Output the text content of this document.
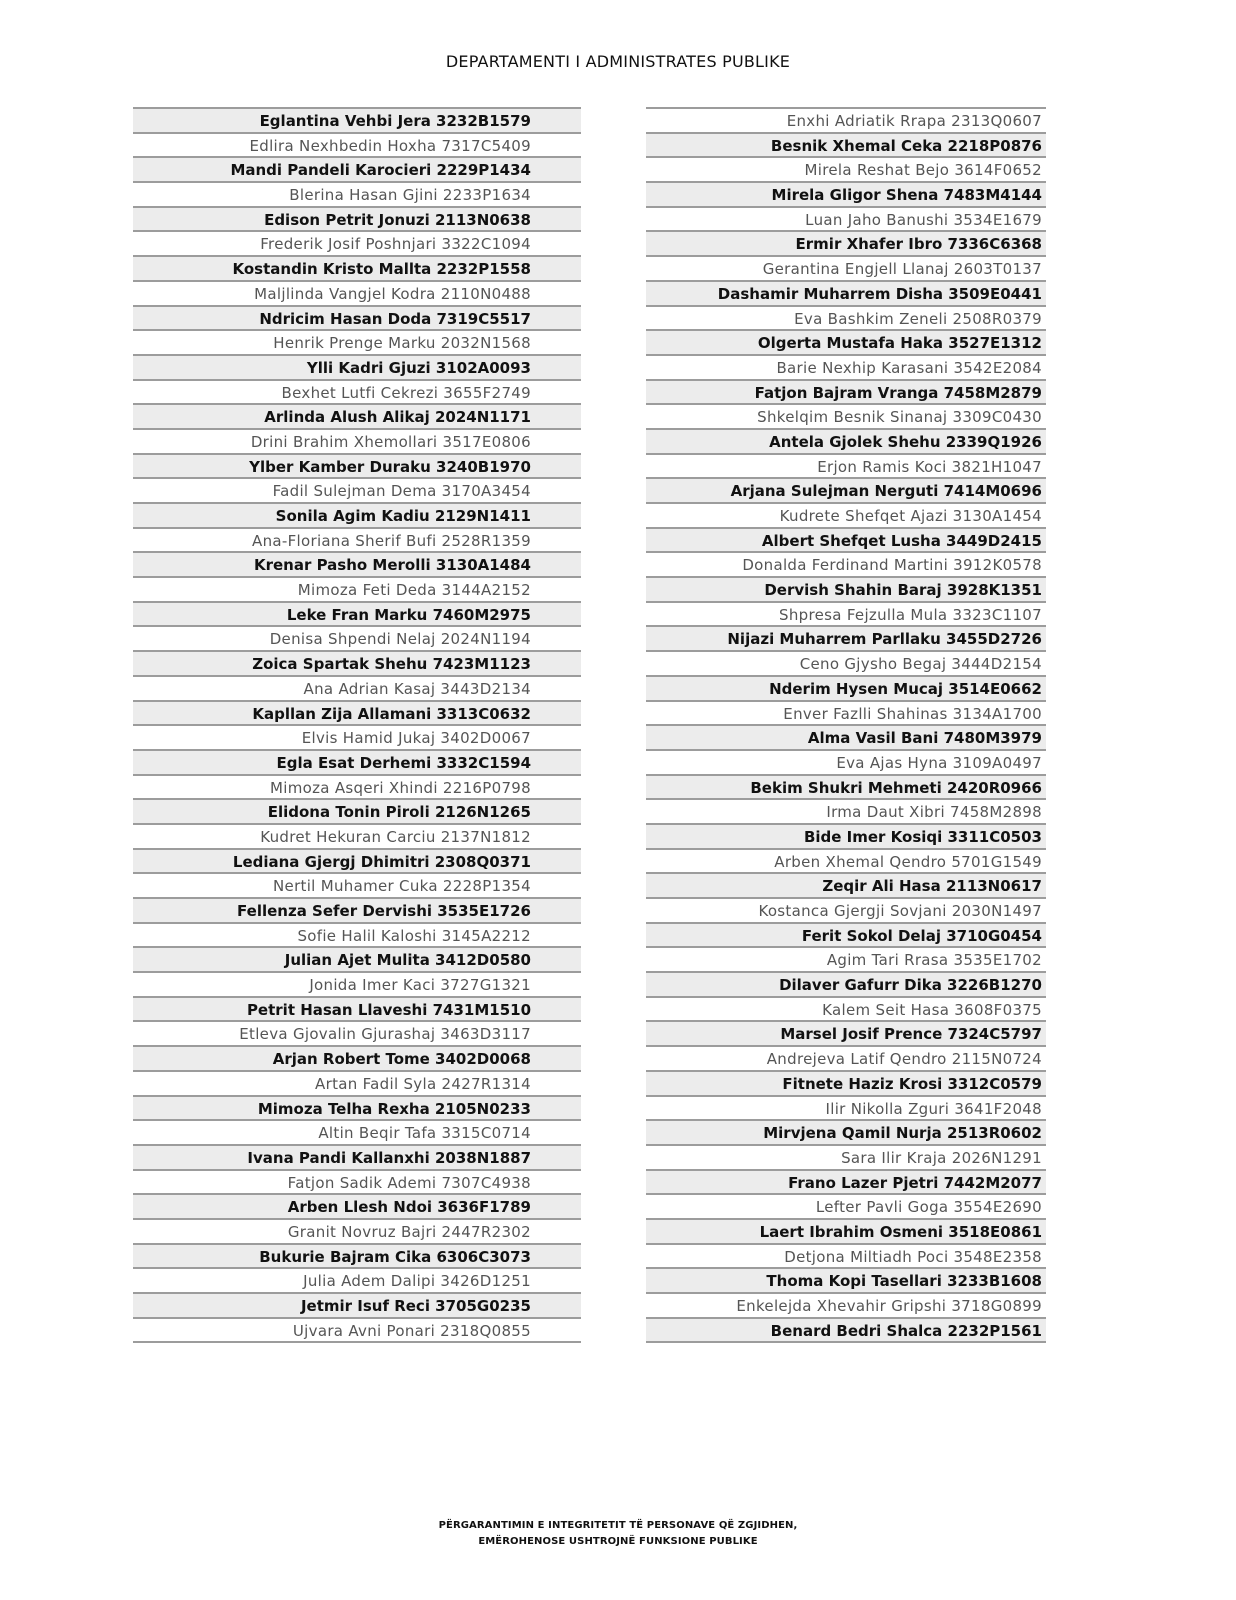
DEPARTAMENTI I ADMINISTRATES PUBLIKE
Eglantina Vehbi Jera 3232B1579
Edlira Nexhbedin Hoxha 7317C5409
Mandi Pandeli Karocieri 2229P1434
Blerina Hasan Gjini 2233P1634
Edison Petrit Jonuzi 2113N0638
Frederik Josif Poshnjari 3322C1094
Kostandin Kristo Mallta 2232P1558
Maljlinda Vangjel Kodra 2110N0488
Ndricim Hasan Doda 7319C5517
Henrik Prenge Marku 2032N1568
Ylli Kadri Gjuzi 3102A0093
Bexhet Lutfi Cekrezi 3655F2749
Arlinda Alush Alikaj 2024N1171
Drini Brahim Xhemollari 3517E0806
Ylber Kamber Duraku 3240B1970
Fadil Sulejman Dema 3170A3454
Sonila Agim Kadiu 2129N1411
Ana-Floriana Sherif Bufi 2528R1359
Krenar Pasho Merolli 3130A1484
Mimoza Feti Deda 3144A2152
Leke Fran Marku 7460M2975
Denisa Shpendi Nelaj 2024N1194
Zoica Spartak Shehu 7423M1123
Ana Adrian Kasaj 3443D2134
Kapllan Zija Allamani 3313C0632
Elvis Hamid Jukaj 3402D0067
Egla Esat Derhemi 3332C1594
Mimoza Asqeri Xhindi 2216P0798
Elidona Tonin Piroli 2126N1265
Kudret Hekuran Carciu 2137N1812
Lediana Gjergj Dhimitri 2308Q0371
Nertil Muhamer Cuka 2228P1354
Fellenza Sefer Dervishi 3535E1726
Sofie Halil Kaloshi 3145A2212
Julian Ajet Mulita 3412D0580
Jonida Imer Kaci 3727G1321
Petrit Hasan Llaveshi 7431M1510
Etleva Gjovalin Gjurashaj 3463D3117
Arjan Robert Tome 3402D0068
Artan Fadil Syla 2427R1314
Mimoza Telha Rexha 2105N0233
Altin Beqir Tafa 3315C0714
Ivana Pandi Kallanxhi 2038N1887
Fatjon Sadik Ademi 7307C4938
Arben Llesh Ndoi 3636F1789
Granit Novruz Bajri 2447R2302
Bukurie Bajram Cika 6306C3073
Julia Adem Dalipi 3426D1251
Jetmir Isuf Reci 3705G0235
Ujvara Avni Ponari 2318Q0855
Enxhi Adriatik Rrapa 2313Q0607
Besnik Xhemal Ceka 2218P0876
Mirela Reshat Bejo 3614F0652
Mirela Gligor Shena 7483M4144
Luan Jaho Banushi 3534E1679
Ermir Xhafer Ibro 7336C6368
Gerantina Engjell Llanaj 2603T0137
Dashamir Muharrem Disha 3509E0441
Eva Bashkim Zeneli 2508R0379
Olgerta Mustafa Haka 3527E1312
Barie Nexhip Karasani 3542E2084
Fatjon Bajram Vranga 7458M2879
Shkelqim Besnik Sinanaj 3309C0430
Antela Gjolek Shehu 2339Q1926
Erjon Ramis Koci 3821H1047
Arjana Sulejman Nerguti 7414M0696
Kudrete Shefqet Ajazi 3130A1454
Albert Shefqet Lusha 3449D2415
Donalda Ferdinand Martini 3912K0578
Dervish Shahin Baraj 3928K1351
Shpresa Fejzulla Mula 3323C1107
Nijazi Muharrem Parllaku 3455D2726
Ceno Gjysho Begaj 3444D2154
Nderim Hysen Mucaj 3514E0662
Enver Fazlli Shahinas 3134A1700
Alma Vasil Bani 7480M3979
Eva Ajas Hyna 3109A0497
Bekim Shukri Mehmeti 2420R0966
Irma Daut Xibri 7458M2898
Bide Imer Kosiqi 3311C0503
Arben Xhemal Qendro 5701G1549
Zeqir Ali Hasa 2113N0617
Kostanca Gjergji Sovjani 2030N1497
Ferit Sokol Delaj 3710G0454
Agim Tari Rrasa 3535E1702
Dilaver Gafurr Dika 3226B1270
Kalem Seit Hasa 3608F0375
Marsel Josif Prence 7324C5797
Andrejeva Latif Qendro 2115N0724
Fitnete Haziz Krosi 3312C0579
Ilir Nikolla Zguri 3641F2048
Mirvjena Qamil Nurja 2513R0602
Sara Ilir Kraja 2026N1291
Frano Lazer Pjetri 7442M2077
Lefter Pavli Goga 3554E2690
Laert Ibrahim Osmeni 3518E0861
Detjona Miltiadh Poci 3548E2358
Thoma Kopi Tasellari 3233B1608
Enkelejda Xhevahir Gripshi 3718G0899
Benard Bedri Shalca 2232P1561
PËRGARANTIMIN E INTEGRITETIT TË PERSONAVE QË ZGJIDHEN,
EMËROHENOSE USHTROJNË FUNKSIONE PUBLIKE
